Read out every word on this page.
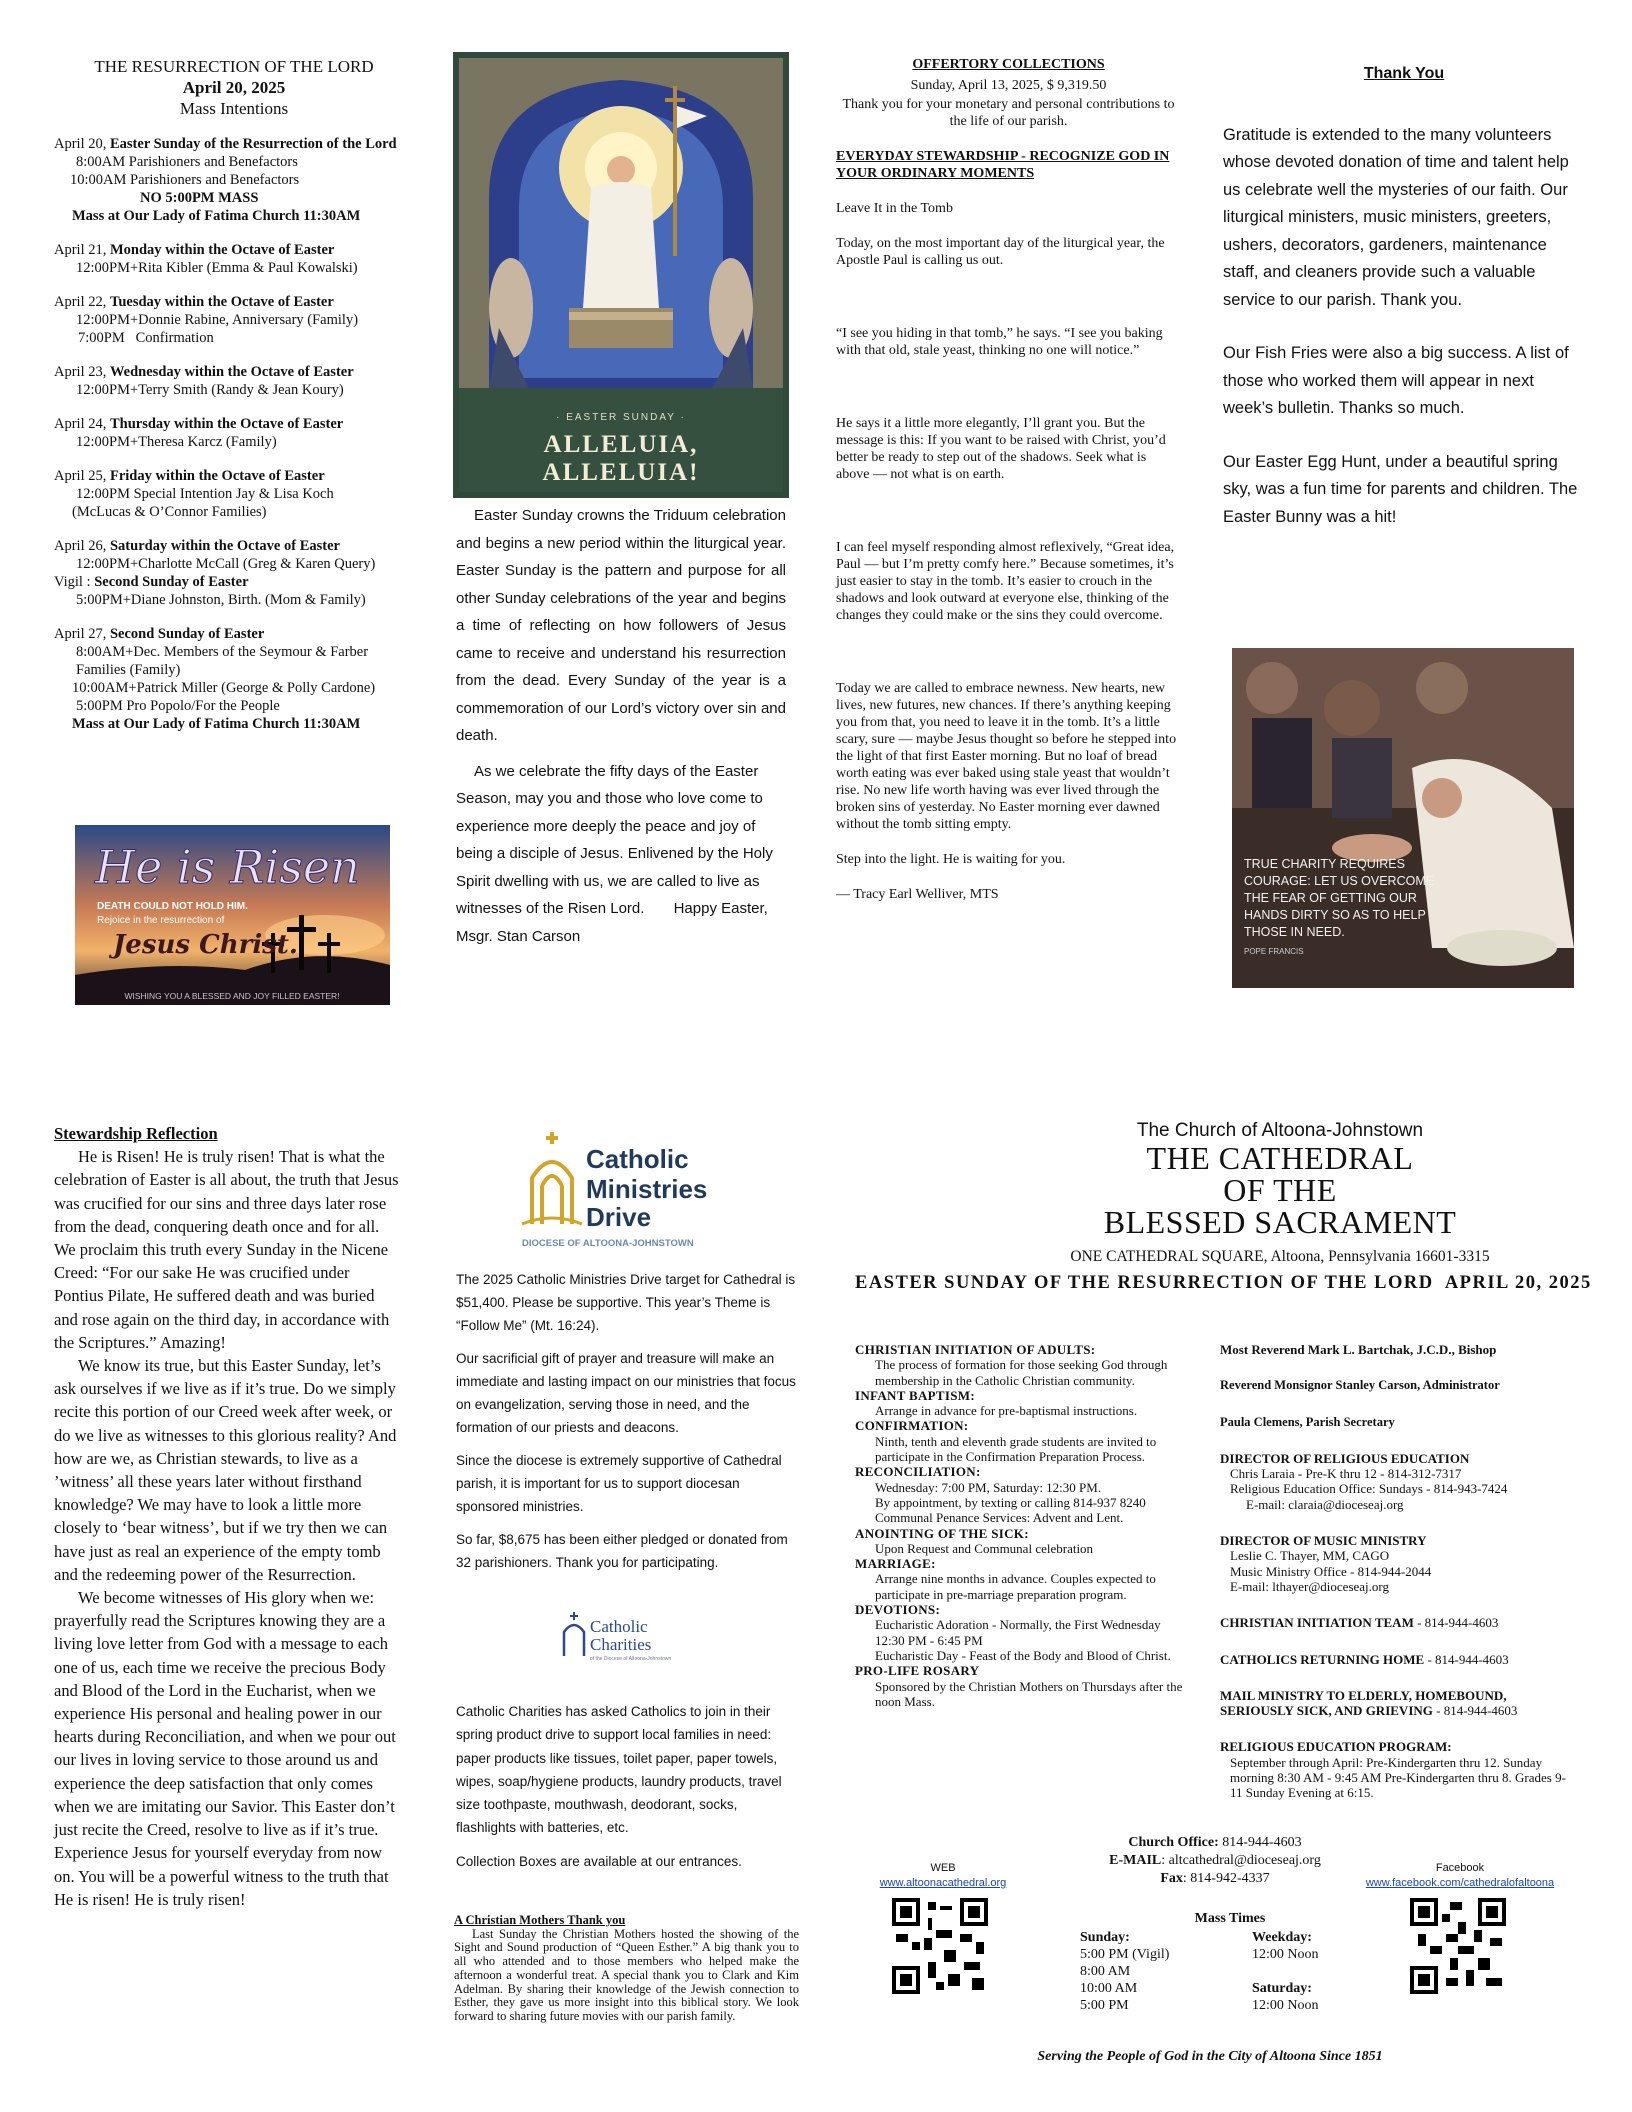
THE RESURRECTION OF THE LORD
April 20, 2025
Mass Intentions
April 20, Easter Sunday of the Resurrection of the Lord
8:00AM Parishioners and Benefactors
10:00AM Parishioners and Benefactors
NO 5:00PM MASS
Mass at Our Lady of Fatima Church 11:30AM
April 21, Monday within the Octave of Easter
12:00PM+Rita Kibler (Emma & Paul Kowalski)
April 22, Tuesday within the Octave of Easter
12:00PM+Donnie Rabine, Anniversary (Family)
7:00PM   Confirmation
April 23, Wednesday within the Octave of Easter
12:00PM+Terry Smith (Randy & Jean Koury)
April 24, Thursday within the Octave of Easter
12:00PM+Theresa Karcz (Family)
April 25, Friday within the Octave of Easter
12:00PM Special Intention Jay & Lisa Koch
(McLucas & O’Connor Families)
April 26, Saturday within the Octave of Easter
12:00PM+Charlotte McCall (Greg & Karen Query)
Vigil : Second Sunday of Easter
5:00PM+Diane Johnston, Birth. (Mom & Family)
April 27, Second Sunday of Easter
8:00AM+Dec. Members of the Seymour & Farber Families (Family)
10:00AM+Patrick Miller (George & Polly Cardone)
5:00PM Pro Popolo/For the People
Mass at Our Lady of Fatima Church 11:30AM
He is Risen
DEATH COULD NOT HOLD HIM.
Rejoice in the resurrection of
Jesus Christ.
WISHING YOU A BLESSED AND JOY FILLED EASTER!
· EASTER SUNDAY ·
ALLELUIA,
ALLELUIA!

Easter Sunday crowns the Triduum celebration and begins a new period within the liturgical year. Easter Sunday is the pattern and purpose for all other Sunday celebrations of the year and begins a time of reflecting on how followers of Jesus came to receive and understand his resurrection from the dead. Every Sunday of the year is a commemoration of our Lord’s victory over sin and death.

As we celebrate the fifty days of the Easter Season, may you and those who love come to experience more deeply the peace and joy of being a disciple of Jesus. Enlivened by the Holy Spirit dwelling with us, we are called to live as witnesses of the Risen Lord.       Happy Easter,  Msgr. Stan Carson

OFFERTORY COLLECTIONS
Sunday, April 13, 2025, $ 9,319.50
Thank you for your monetary and personal contributions to the life of our parish.
EVERYDAY STEWARDSHIP - RECOGNIZE GOD IN YOUR ORDINARY MOMENTS

Leave It in the Tomb

Today, on the most important day of the liturgical year, the Apostle Paul is calling us out.

“I see you hiding in that tomb,” he says. “I see you baking with that old, stale yeast, thinking no one will notice.”

He says it a little more elegantly, I’ll grant you. But the message is this: If you want to be raised with Christ, you’d better be ready to step out of the shadows. Seek what is above — not what is on earth.

I can feel myself responding almost reflexively, “Great idea, Paul — but I’m pretty comfy here.” Because sometimes, it’s just easier to stay in the tomb. It’s easier to crouch in the shadows and look outward at everyone else, thinking of the changes they could make or the sins they could overcome.

Today we are called to embrace newness. New hearts, new lives, new futures, new chances. If there’s anything keeping you from that, you need to leave it in the tomb. It’s a little scary, sure — maybe Jesus thought so before he stepped into the light of that first Easter morning. But no loaf of bread worth eating was ever baked using stale yeast that wouldn’t rise. No new life worth having was ever lived through the broken sins of yesterday. No Easter morning ever dawned without the tomb sitting empty.

Step into the light. He is waiting for you.

— Tracy Earl Welliver, MTS

Thank You

Gratitude is extended to the many volunteers whose devoted donation of time and talent help us celebrate well the mysteries of our faith. Our liturgical ministers, music ministers, greeters, ushers, decorators, gardeners, maintenance staff, and cleaners provide such a valuable service to our parish. Thank you.

Our Fish Fries were also a big success. A list of those who worked them will appear in next week’s bulletin. Thanks so much.

Our Easter Egg Hunt, under a beautiful spring sky, was a fun time for parents and children. The Easter Bunny was a hit!

TRUE CHARITY REQUIRES COURAGE: LET US OVERCOME THE FEAR OF GETTING OUR HANDS DIRTY SO AS TO HELP THOSE IN NEED.
POPE FRANCIS
Stewardship Reflection

He is Risen! He is truly risen! That is what the celebration of Easter is all about, the truth that Jesus was crucified for our sins and three days later rose from the dead, conquering death once and for all. We proclaim this truth every Sunday in the Nicene Creed: “For our sake He was crucified under Pontius Pilate, He suffered death and was buried and rose again on the third day, in accordance with the Scriptures.” Amazing!

We know its true, but this Easter Sunday, let’s ask ourselves if we live as if it’s true. Do we simply recite this portion of our Creed week after week, or do we live as witnesses to this glorious reality? And how are we, as Christian stewards, to live as a ’witness’ all these years later without firsthand knowledge? We may have to look a little more closely to ‘bear witness’, but if we try then we can have just as real an experience of the empty tomb and the redeeming power of the Resurrection.

We become witnesses of His glory when we: prayerfully read the Scriptures knowing they are a living love letter from God with a message to each one of us, each time we receive the precious Body and Blood of the Lord in the Eucharist, when we experience His personal and healing power in our hearts during Reconciliation, and when we pour out our lives in loving service to those around us and experience the deep satisfaction that only comes when we are imitating our Savior. This Easter don’t just recite the Creed, resolve to live as if it’s true. Experience Jesus for yourself everyday from now on. You will be a powerful witness to the truth that He is risen! He is truly risen!

Catholic
Ministries
Drive
DIOCESE OF ALTOONA-JOHNSTOWN

The 2025 Catholic Ministries Drive target for Cathedral is $51,400. Please be supportive. This year’s Theme is “Follow Me” (Mt. 16:24).

Our sacrificial gift of prayer and treasure will make an immediate and lasting impact on our ministries that focus on evangelization, serving those in need, and the formation of our priests and deacons.

Since the diocese is extremely supportive of Cathedral parish, it is important for us to support diocesan sponsored ministries.

So far, $8,675 has been either pledged or donated from 32 parishioners. Thank you for participating.

Catholic
Charities
of the Diocese of Altoona-Johnstown

Catholic Charities has asked Catholics to join in their spring product drive to support local families in need: paper products like tissues, toilet paper, paper towels, wipes, soap/hygiene products, laundry products, travel size toothpaste, mouthwash, deodorant, socks, flashlights with batteries, etc.

Collection Boxes are available at our entrances.

A Christian Mothers Thank you

Last Sunday the Christian Mothers hosted the showing of the Sight and Sound production of “Queen Esther.” A big thank you to all who attended and to those members who helped make the afternoon a wonderful treat. A special thank you to Clark and Kim Adelman. By sharing their knowledge of the Jewish connection to Esther, they gave us more insight into this biblical story. We look forward to sharing future movies with our parish family.

The Church of Altoona-Johnstown
THE CATHEDRAL
OF THE
BLESSED SACRAMENT
ONE CATHEDRAL SQUARE, Altoona, Pennsylvania 16601-3315
EASTER SUNDAY OF THE RESURRECTION OF THE LORD  APRIL 20, 2025
CHRISTIAN INITIATION OF ADULTS:
The process of formation for those seeking God through membership in the Catholic Christian community.
INFANT BAPTISM:
Arrange in advance for pre-baptismal instructions.
CONFIRMATION:
Ninth, tenth and eleventh grade students are invited to participate in the Confirmation Preparation Process.
RECONCILIATION:
Wednesday: 7:00 PM, Saturday: 12:30 PM.
By appointment, by texting or calling 814-937 8240 Communal Penance Services: Advent and Lent.
ANOINTING OF THE SICK:
Upon Request and Communal celebration
MARRIAGE:
Arrange nine months in advance. Couples expected to participate in pre-marriage preparation program.
DEVOTIONS:
Eucharistic Adoration - Normally, the First Wednesday 12:30 PM - 6:45 PM
Eucharistic Day - Feast of the Body and Blood of Christ.
PRO-LIFE ROSARY
Sponsored by the Christian Mothers on Thursdays after the noon Mass.
Most Reverend Mark L. Bartchak, J.C.D., Bishop
Reverend Monsignor Stanley Carson, Administrator
Paula Clemens, Parish Secretary
DIRECTOR OF RELIGIOUS EDUCATION
Chris Laraia - Pre-K thru 12 - 814-312-7317
Religious Education Office: Sundays - 814-943-7424
E-mail: claraia@dioceseaj.org
DIRECTOR OF MUSIC MINISTRY
Leslie C. Thayer, MM, CAGO
Music Ministry Office - 814-944-2044
E-mail: lthayer@dioceseaj.org
CHRISTIAN INITIATION TEAM - 814-944-4603
CATHOLICS RETURNING HOME - 814-944-4603
MAIL MINISTRY TO ELDERLY, HOMEBOUND,
SERIOUSLY SICK, AND GRIEVING - 814-944-4603
RELIGIOUS EDUCATION PROGRAM:
September through April: Pre-Kindergarten thru 12. Sunday morning 8:30 AM - 9:45 AM Pre-Kindergarten thru 8. Grades 9-11 Sunday Evening at 6:15.
Church Office: 814-944-4603
E-MAIL: altcathedral@dioceseaj.org
Fax: 814-942-4337
WEB
www.altoonacathedral.org
Facebook
www.facebook.com/cathedralofaltoona
Mass Times
Sunday:	Weekday:
5:00 PM (Vigil)	12:00 Noon
8:00 AM	
10:00 AM	Saturday:
5:00 PM	12:00 Noon
Serving the People of God in the City of Altoona Since 1851
